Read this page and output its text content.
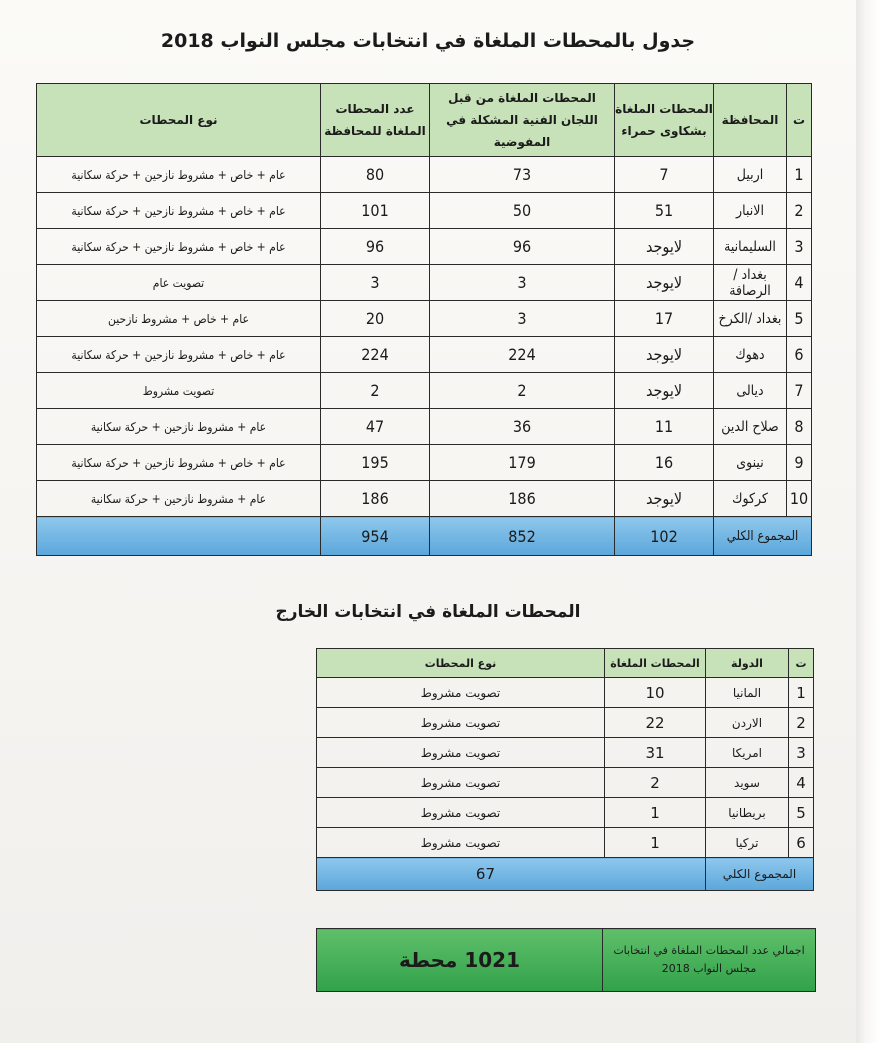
جدول بالمحطات الملغاة في انتخابات مجلس النواب 2018
ت	المحافظة	المحطات الملغاة بشكاوى حمراء	المحطات الملغاة من قبل اللجان الفنية المشكلة في المفوضية	عدد المحطات الملغاة للمحافظة	نوع المحطات
1	اربيل	7	73	80	عام + خاص + مشروط نازحين + حركة سكانية
2	الانبار	51	50	101	عام + خاص + مشروط نازحين + حركة سكانية
3	السليمانية	لايوجد	96	96	عام + خاص + مشروط نازحين + حركة سكانية
4	بغداد /الرصافة	لايوجد	3	3	تصويت عام
5	بغداد /الكرخ	17	3	20	عام + خاص + مشروط نازحين
6	دهوك	لايوجد	224	224	عام + خاص + مشروط نازحين + حركة سكانية
7	ديالى	لايوجد	2	2	تصويت مشروط
8	صلاح الدين	11	36	47	عام + مشروط نازحين + حركة سكانية
9	نينوى	16	179	195	عام + خاص + مشروط نازحين + حركة سكانية
10	كركوك	لايوجد	186	186	عام + مشروط نازحين + حركة سكانية
المجموع الكلي		102	852	954	
المحطات الملغاة في انتخابات الخارج
ت	الدولة	المحطات الملغاة	نوع المحطات
1	المانيا	10	تصويت مشروط
2	الاردن	22	تصويت مشروط
3	امريكا	31	تصويت مشروط
4	سويد	2	تصويت مشروط
5	بريطانيا	1	تصويت مشروط
6	تركيا	1	تصويت مشروط
المجموع الكلي		67	
اجمالي عدد المحطات الملغاة في انتخابات مجلس النواب 2018	1021 محطة
